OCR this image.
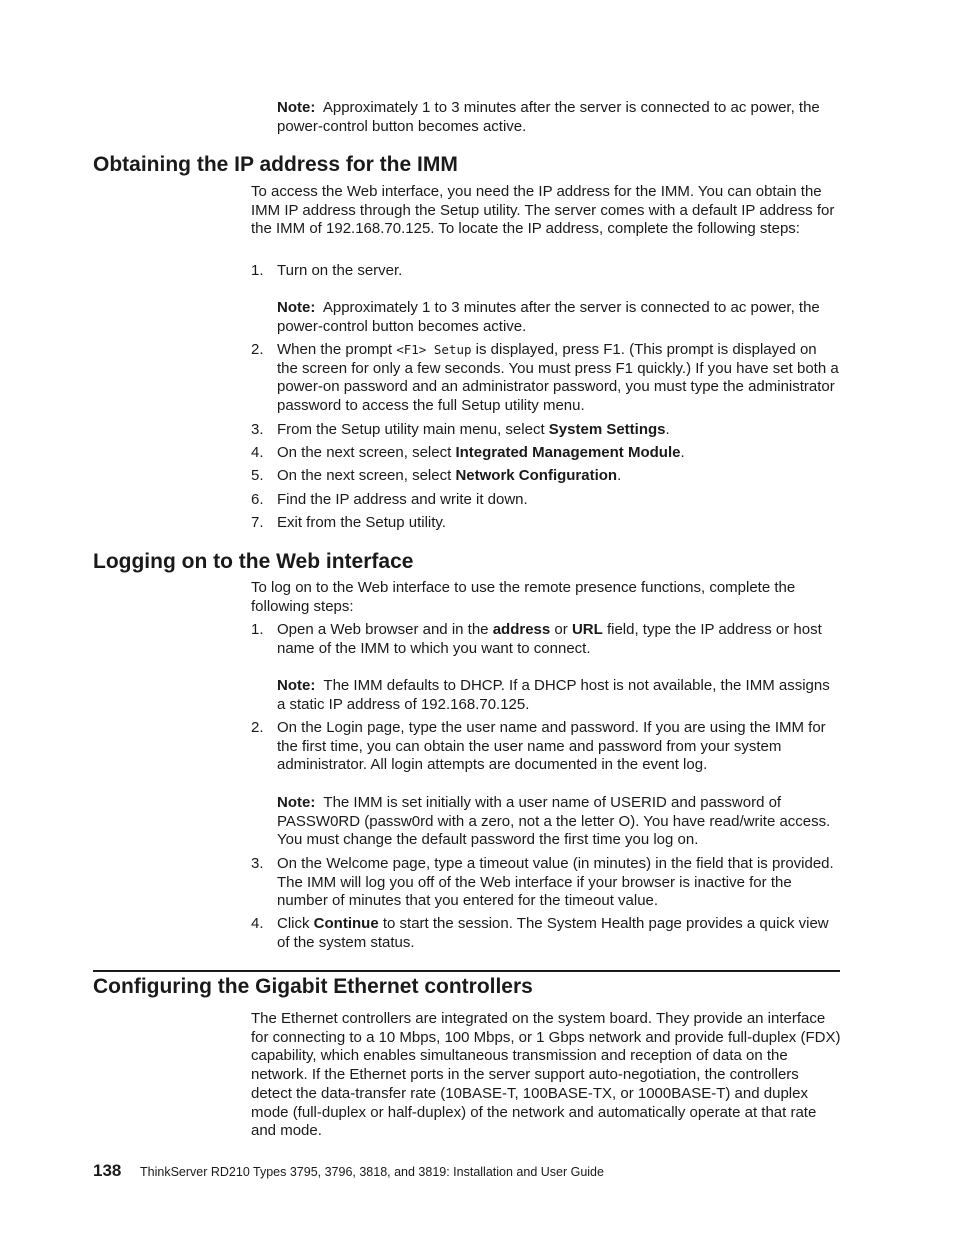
Note: Approximately 1 to 3 minutes after the server is connected to ac power, the power-control button becomes active.

Obtaining the IP address for the IMM

To access the Web interface, you need the IP address for the IMM. You can obtain the IMM IP address through the Setup utility. The server comes with a default IP address for the IMM of 192.168.70.125. To locate the IP address, complete the following steps:

1. Turn on the server.

Note: Approximately 1 to 3 minutes after the server is connected to ac power, the power-control button becomes active.

2. When the prompt <F1> Setup is displayed, press F1. (This prompt is displayed on the screen for only a few seconds. You must press F1 quickly.) If you have set both a power-on password and an administrator password, you must type the administrator password to access the full Setup utility menu.

3. From the Setup utility main menu, select System Settings.

4. On the next screen, select Integrated Management Module.

5. On the next screen, select Network Configuration.

6. Find the IP address and write it down.

7. Exit from the Setup utility.

Logging on to the Web interface

To log on to the Web interface to use the remote presence functions, complete the following steps:

1. Open a Web browser and in the address or URL field, type the IP address or host name of the IMM to which you want to connect.

Note: The IMM defaults to DHCP. If a DHCP host is not available, the IMM assigns a static IP address of 192.168.70.125.

2. On the Login page, type the user name and password. If you are using the IMM for the first time, you can obtain the user name and password from your system administrator. All login attempts are documented in the event log.

Note: The IMM is set initially with a user name of USERID and password of PASSW0RD (passw0rd with a zero, not a the letter O). You have read/write access. You must change the default password the first time you log on.

3. On the Welcome page, type a timeout value (in minutes) in the field that is provided. The IMM will log you off of the Web interface if your browser is inactive for the number of minutes that you entered for the timeout value.

4. Click Continue to start the session. The System Health page provides a quick view of the system status.

Configuring the Gigabit Ethernet controllers

The Ethernet controllers are integrated on the system board. They provide an interface for connecting to a 10 Mbps, 100 Mbps, or 1 Gbps network and provide full-duplex (FDX) capability, which enables simultaneous transmission and reception of data on the network. If the Ethernet ports in the server support auto-negotiation, the controllers detect the data-transfer rate (10BASE-T, 100BASE-TX, or 1000BASE-T) and duplex mode (full-duplex or half-duplex) of the network and automatically operate at that rate and mode.

138 ThinkServer RD210 Types 3795, 3796, 3818, and 3819: Installation and User Guide
